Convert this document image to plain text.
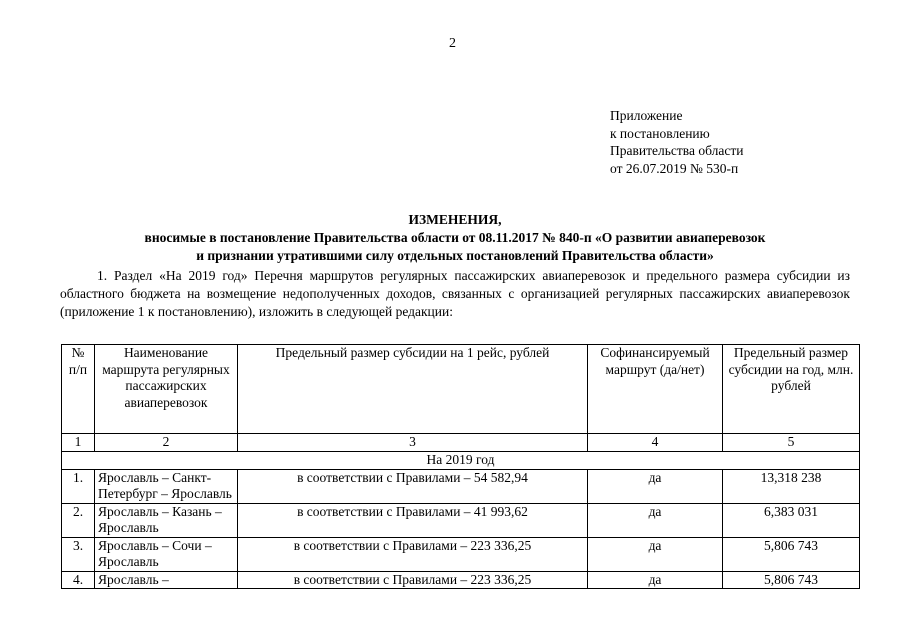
2
Приложение
к постановлению
Правительства области
от 26.07.2019 № 530-п
ИЗМЕНЕНИЯ,
вносимые в постановление Правительства области от 08.11.2017 № 840-п «О развитии авиаперевозок
и признании утратившими силу отдельных постановлений Правительства области»
1. Раздел «На 2019 год» Перечня маршрутов регулярных пассажирских авиаперевозок и предельного размера субсидии из областного бюджета на возмещение недополученных доходов, связанных с организацией регулярных пассажирских авиаперевозок (приложение 1 к постановлению), изложить в следующей редакции:
№ п/п	Наименование маршрута регулярных пассажирских авиаперевозок	Предельный размер субсидии на 1 рейс, рублей	Софинансируемый маршрут (да/нет)	Предельный размер субсидии на год, млн. рублей
1	2	3	4	5
На 2019 год				
1.	Ярославль – Санкт-Петербург – Ярославль	в соответствии с Правилами – 54 582,94	да	13,318 238
2.	Ярославль – Казань – Ярославль	в соответствии с Правилами – 41 993,62	да	6,383 031
3.	Ярославль – Сочи – Ярославль	в соответствии с Правилами – 223 336,25	да	5,806 743
4.	Ярославль –	в соответствии с Правилами – 223 336,25	да	5,806 743
